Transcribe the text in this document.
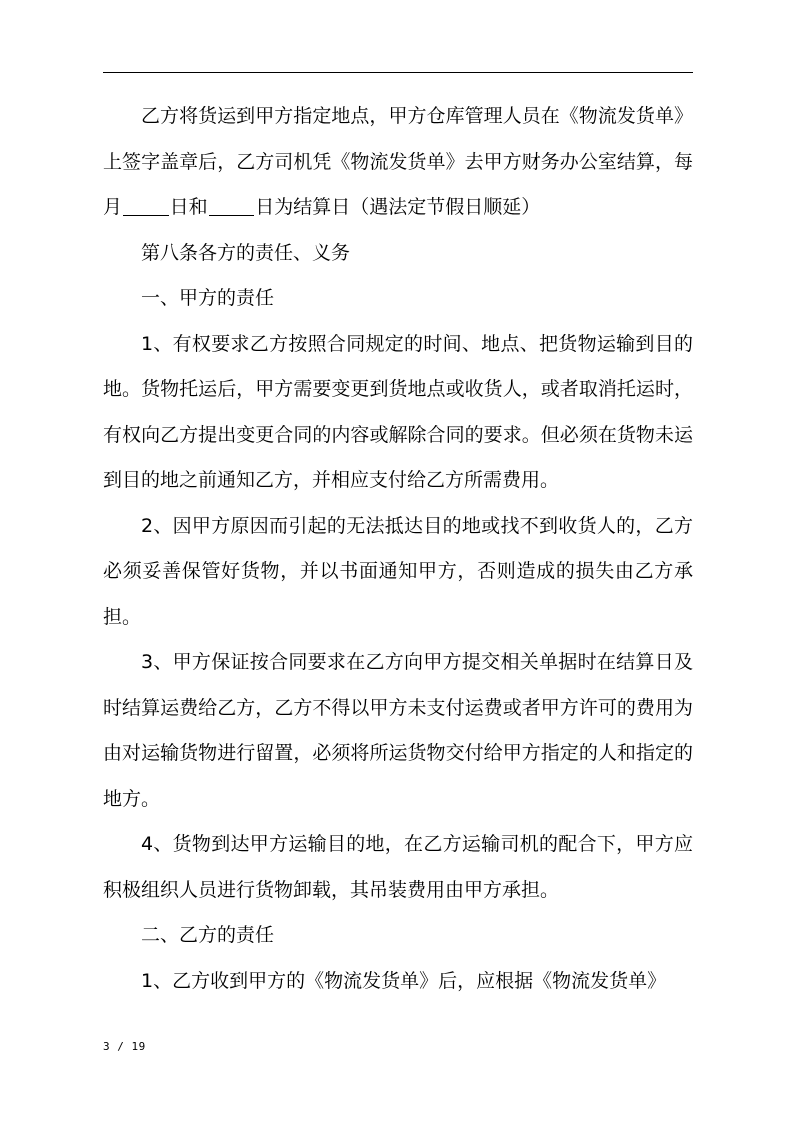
乙方将货运到甲方指定地点，甲方仓库管理人员在《物流发货单》上签字盖章后，乙方司机凭《物流发货单》去甲方财务办公室结算，每月	日和	日为结算日（遇法定节假日顺延）

第八条各方的责任、义务

一、甲方的责任

1、有权要求乙方按照合同规定的时间、地点、把货物运输到目的地。货物托运后，甲方需要变更到货地点或收货人，或者取消托运时，有权向乙方提出变更合同的内容或解除合同的要求。但必须在货物未运到目的地之前通知乙方，并相应支付给乙方所需费用。

2、因甲方原因而引起的无法抵达目的地或找不到收货人的，乙方必须妥善保管好货物，并以书面通知甲方，否则造成的损失由乙方承担。

3、甲方保证按合同要求在乙方向甲方提交相关单据时在结算日及时结算运费给乙方，乙方不得以甲方未支付运费或者甲方许可的费用为由对运输货物进行留置，必须将所运货物交付给甲方指定的人和指定的地方。

4、货物到达甲方运输目的地，在乙方运输司机的配合下，甲方应积极组织人员进行货物卸载，其吊装费用由甲方承担。

二、乙方的责任

1、乙方收到甲方的《物流发货单》后，应根据《物流发货单》

3 / 19
